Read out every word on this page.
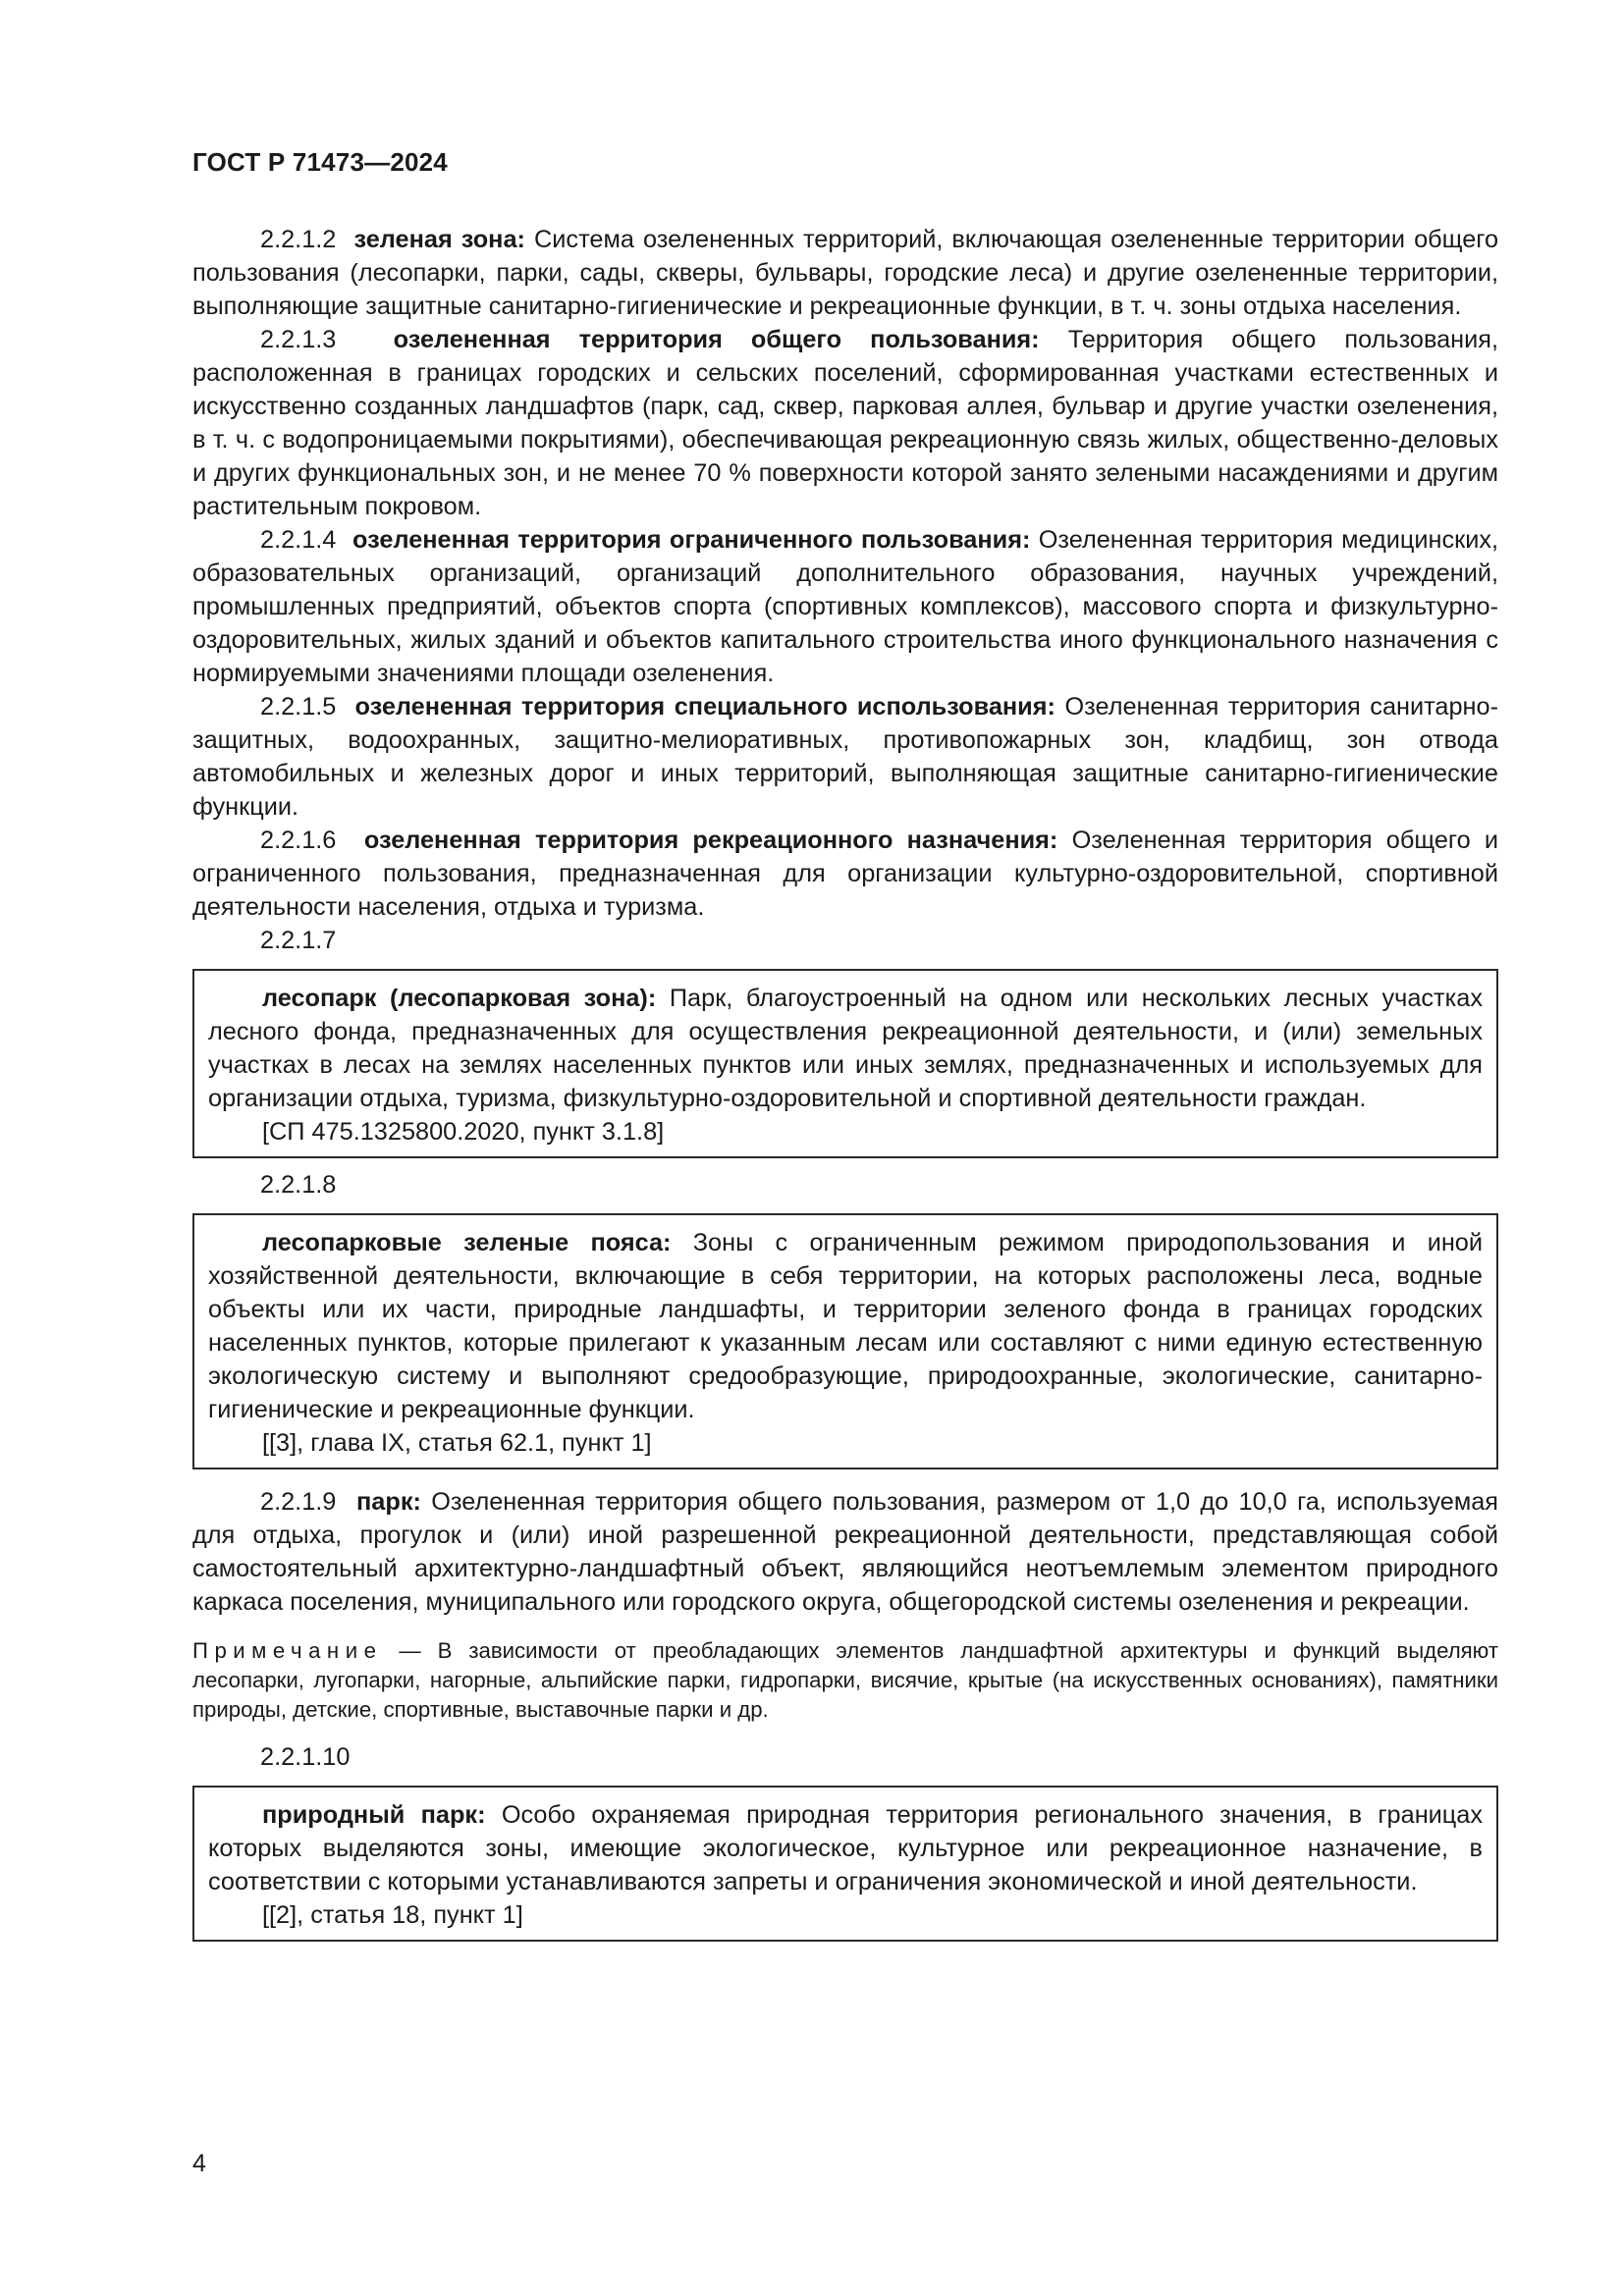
ГОСТ Р 71473—2024

2.2.1.2 зеленая зона: Система озелененных территорий, включающая озелененные территории общего пользования (лесопарки, парки, сады, скверы, бульвары, городские леса) и другие озелененные территории, выполняющие защитные санитарно-гигиенические и рекреационные функции, в т. ч. зоны отдыха населения.

2.2.1.3 озелененная территория общего пользования: Территория общего пользования, расположенная в границах городских и сельских поселений, сформированная участками естественных и искусственно созданных ландшафтов (парк, сад, сквер, парковая аллея, бульвар и другие участки озеленения, в т. ч. с водопроницаемыми покрытиями), обеспечивающая рекреационную связь жилых, общественно-деловых и других функциональных зон, и не менее 70 % поверхности которой занято зелеными насаждениями и другим растительным покровом.

2.2.1.4 озелененная территория ограниченного пользования: Озелененная территория медицинских, образовательных организаций, организаций дополнительного образования, научных учреждений, промышленных предприятий, объектов спорта (спортивных комплексов), массового спорта и физкультурно-оздоровительных, жилых зданий и объектов капитального строительства иного функционального назначения с нормируемыми значениями площади озеленения.

2.2.1.5 озелененная территория специального использования: Озелененная территория санитарно-защитных, водоохранных, защитно-мелиоративных, противопожарных зон, кладбищ, зон отвода автомобильных и железных дорог и иных территорий, выполняющая защитные санитарно-гигиенические функции.

2.2.1.6 озелененная территория рекреационного назначения: Озелененная территория общего и ограниченного пользования, предназначенная для организации культурно-оздоровительной, спортивной деятельности населения, отдыха и туризма.

2.2.1.7

лесопарк (лесопарковая зона): Парк, благоустроенный на одном или нескольких лесных участках лесного фонда, предназначенных для осуществления рекреационной деятельности, и (или) земельных участках в лесах на землях населенных пунктов или иных землях, предназначенных и используемых для организации отдыха, туризма, физкультурно-оздоровительной и спортивной деятельности граждан.

[СП 475.1325800.2020, пункт 3.1.8]

2.2.1.8

лесопарковые зеленые пояса: Зоны с ограниченным режимом природопользования и иной хозяйственной деятельности, включающие в себя территории, на которых расположены леса, водные объекты или их части, природные ландшафты, и территории зеленого фонда в границах городских населенных пунктов, которые прилегают к указанным лесам или составляют с ними единую естественную экологическую систему и выполняют средообразующие, природоохранные, экологические, санитарно-гигиенические и рекреационные функции.

[[3], глава IX, статья 62.1, пункт 1]

2.2.1.9 парк: Озелененная территория общего пользования, размером от 1,0 до 10,0 га, используемая для отдыха, прогулок и (или) иной разрешенной рекреационной деятельности, представляющая собой самостоятельный архитектурно-ландшафтный объект, являющийся неотъемлемым элементом природного каркаса поселения, муниципального или городского округа, общегородской системы озеленения и рекреации.

Примечание — В зависимости от преобладающих элементов ландшафтной архитектуры и функций выделяют лесопарки, лугопарки, нагорные, альпийские парки, гидропарки, висячие, крытые (на искусственных основаниях), памятники природы, детские, спортивные, выставочные парки и др.

2.2.1.10

природный парк: Особо охраняемая природная территория регионального значения, в границах которых выделяются зоны, имеющие экологическое, культурное или рекреационное назначение, в соответствии с которыми устанавливаются запреты и ограничения экономической и иной деятельности.

[[2], статья 18, пункт 1]

4
